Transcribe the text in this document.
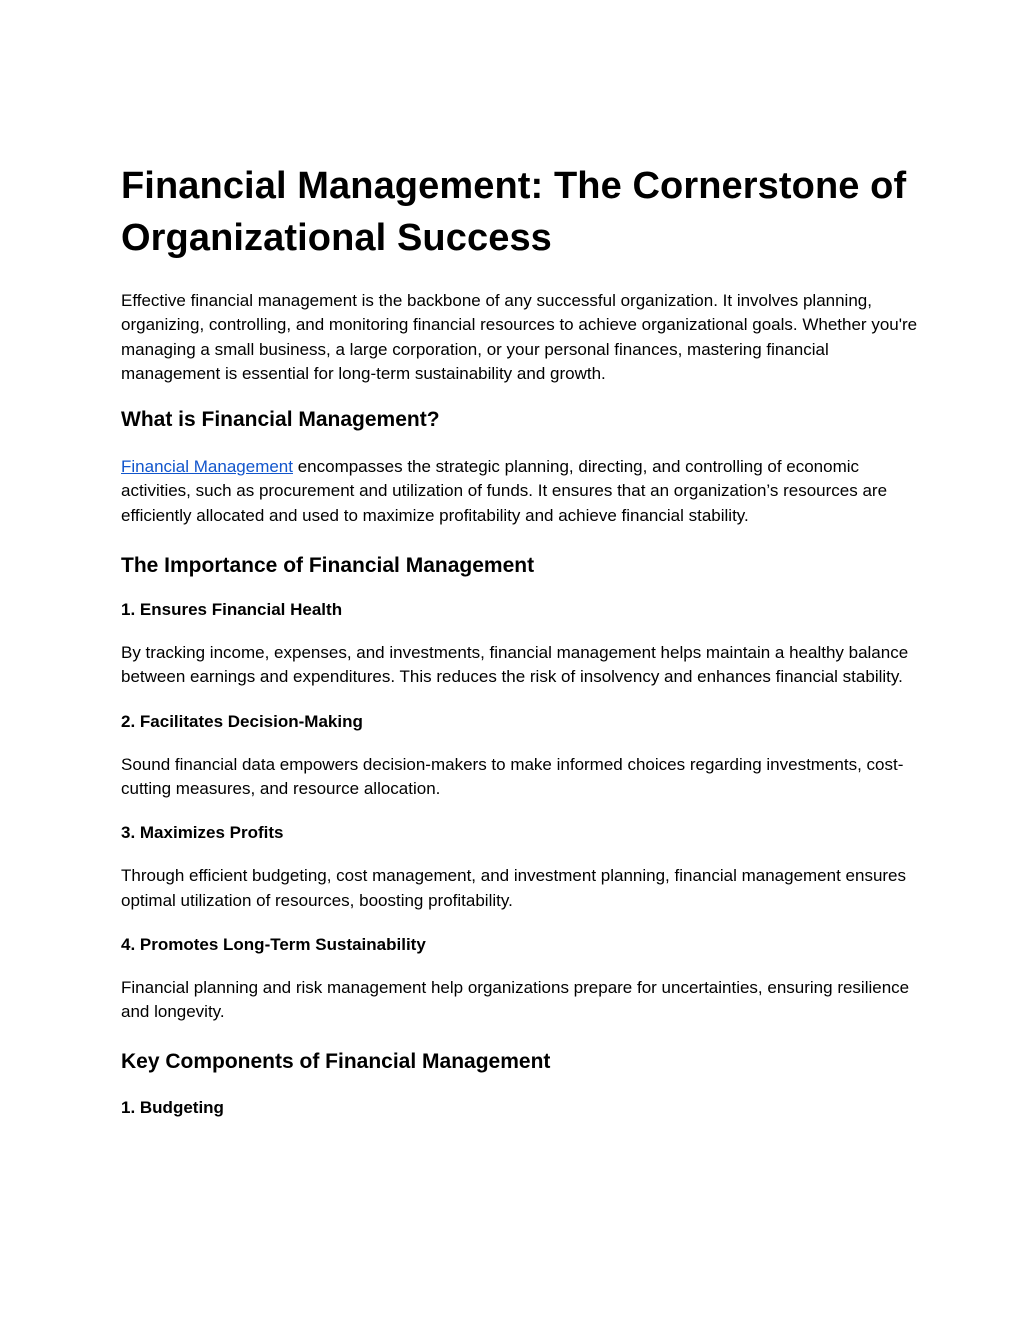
Financial Management: The Cornerstone of Organizational Success

Effective financial management is the backbone of any successful organization. It involves planning, organizing, controlling, and monitoring financial resources to achieve organizational goals. Whether you're managing a small business, a large corporation, or your personal finances, mastering financial management is essential for long-term sustainability and growth.

What is Financial Management?

Financial Management encompasses the strategic planning, directing, and controlling of economic activities, such as procurement and utilization of funds. It ensures that an organization’s resources are efficiently allocated and used to maximize profitability and achieve financial stability.

The Importance of Financial Management
1. Ensures Financial Health

By tracking income, expenses, and investments, financial management helps maintain a healthy balance between earnings and expenditures. This reduces the risk of insolvency and enhances financial stability.

2. Facilitates Decision-Making

Sound financial data empowers decision-makers to make informed choices regarding investments, cost-cutting measures, and resource allocation.

3. Maximizes Profits

Through efficient budgeting, cost management, and investment planning, financial management ensures optimal utilization of resources, boosting profitability.

4. Promotes Long-Term Sustainability

Financial planning and risk management help organizations prepare for uncertainties, ensuring resilience and longevity.

Key Components of Financial Management
1. Budgeting
